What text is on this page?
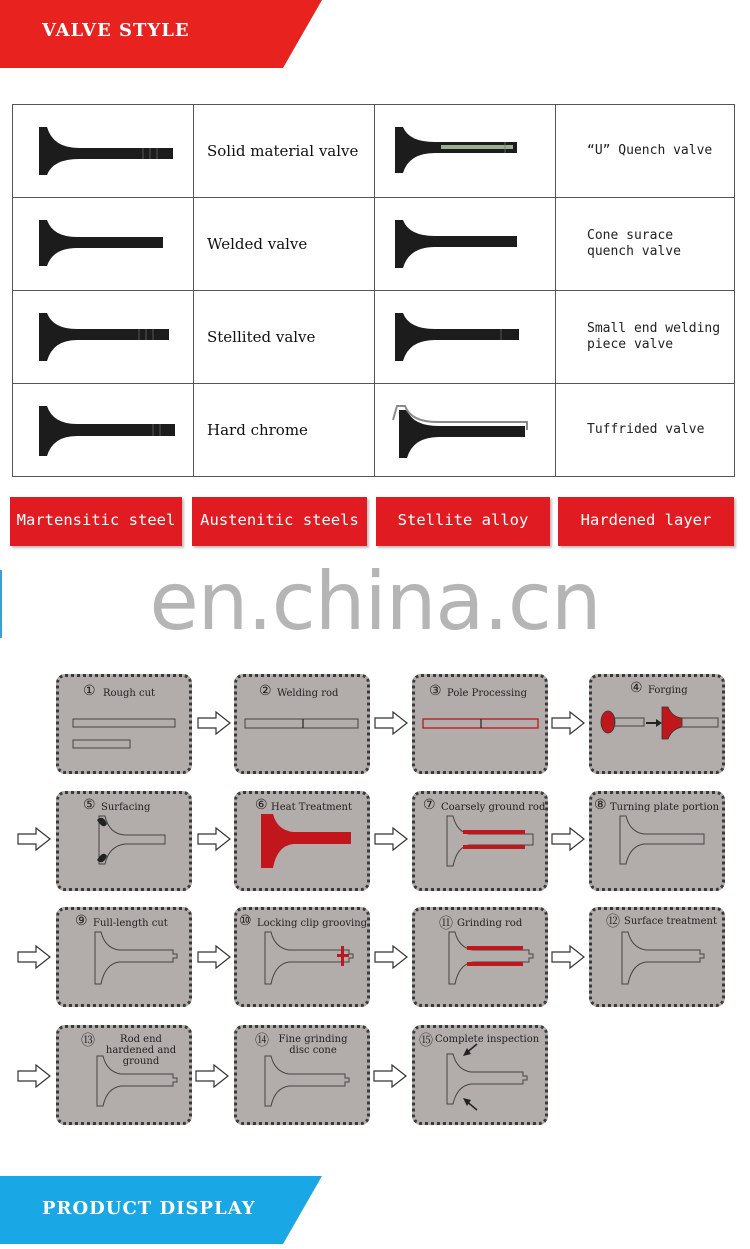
VALVE STYLE
	Solid material valve		“U” Quench valve

	Welded valve		Cone surace
quench valve

	Stellited valve		Small end welding
piece valve

	Hard chrome		Tuffrided valve
Martensitic steel	Austenitic steels	Stellite alloy	Hardened layer
en.china.cn
① Rough cut	② Welding rod	③ Pole Processing	④ Forging
⑤ Surfacing	⑥ Heat Treatment	⑦ Coarsely ground rod	⑧ Turning plate portion
⑨ Full-length cut	⑩ Locking clip grooving	⑪ Grinding rod	⑫ Surface treatment
⑬	Rod end hardened and ground
⑭ Fine grinding disc cone
⑮ Complete inspection
PRODUCT DISPLAY
